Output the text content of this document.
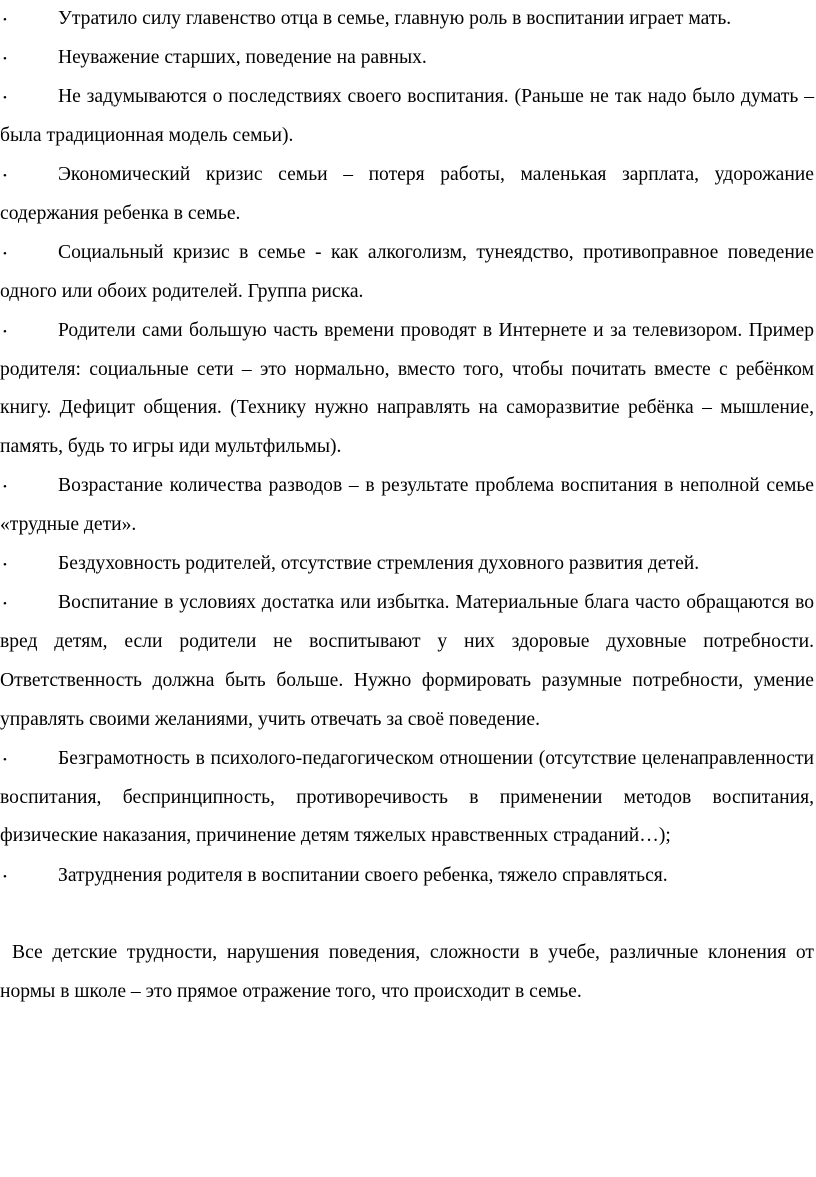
•	Утратило силу главенство отца в семье, главную роль в воспитании играет мать.
•	Неуважение старших, поведение на равных.
•	Не задумываются о последствиях своего воспитания. (Раньше не так надо было думать – была традиционная модель семьи).
•	Экономический кризис семьи – потеря работы, маленькая зарплата, удорожание содержания ребенка в семье.
•	Социальный кризис в семье - как алкоголизм, тунеядство, противоправное поведение одного или обоих родителей. Группа риска.
•	Родители сами большую часть времени проводят в Интернете и за телевизором. Пример родителя: социальные сети – это нормально, вместо того, чтобы почитать вместе с ребёнком книгу. Дефицит общения. (Технику нужно направлять на саморазвитие ребёнка – мышление, память, будь то игры иди мультфильмы).
•	Возрастание количества разводов – в результате проблема воспитания в неполной семье «трудные дети».
•	Бездуховность родителей, отсутствие стремления духовного развития детей.
•	Воспитание в условиях достатка или избытка. Материальные блага часто обращаются во вред детям, если родители не воспитывают у них здоровые духовные потребности. Ответственность должна быть больше. Нужно формировать разумные потребности, умение управлять своими желаниями, учить отвечать за своё поведение.
•	Безграмотность в психолого-педагогическом отношении (отсутствие целенаправленности воспитания, беспринципность, противоречивость в применении методов воспитания, физические наказания, причинение детям тяжелых нравственных страданий…);
•	Затруднения родителя в воспитании своего ребенка, тяжело справляться.

Все детские трудности, нарушения поведения, сложности в учебе, различные клонения от нормы в школе – это прямое отражение того, что происходит в семье.
